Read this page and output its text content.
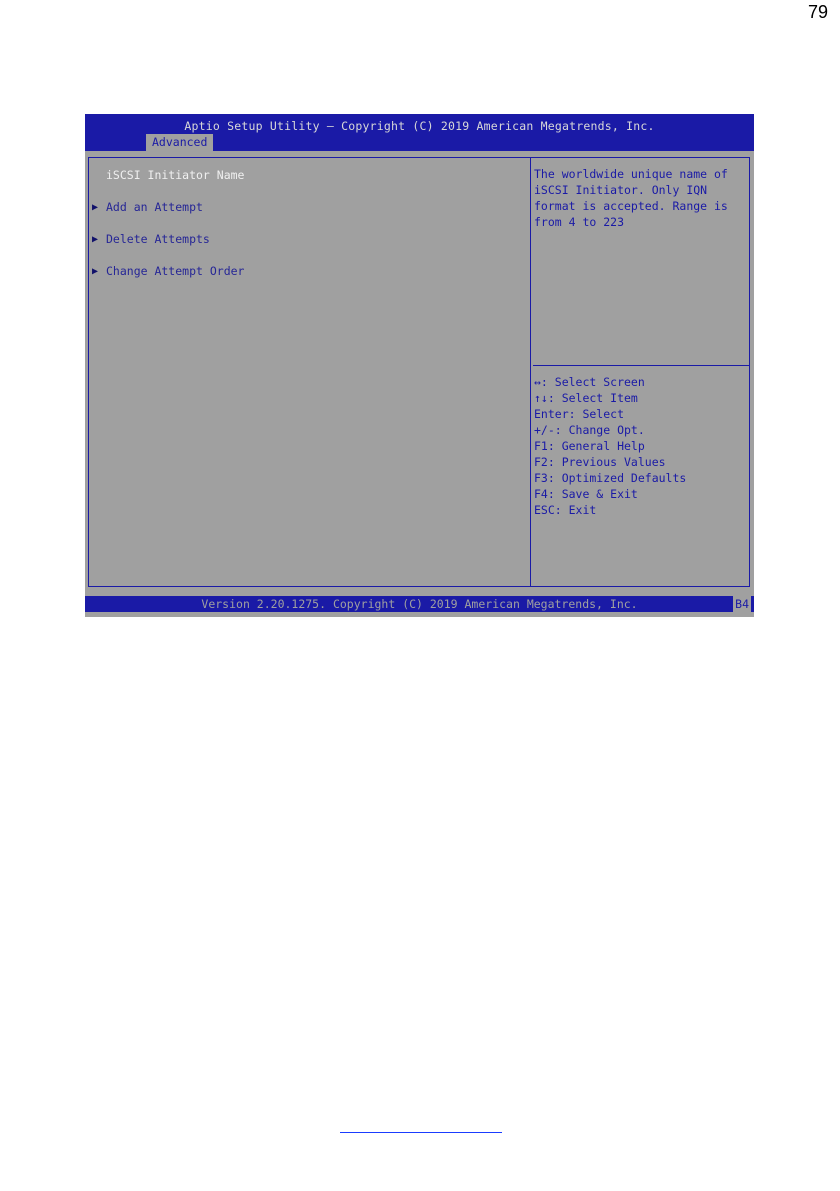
79
Aptio Setup Utility – Copyright (C) 2019 American Megatrends, Inc.
Advanced
iSCSI Initiator Name
▶ Add an Attempt
▶ Delete Attempts
▶ Change Attempt Order
The worldwide unique name of iSCSI Initiator. Only IQN format is accepted. Range is from 4 to 223
↔: Select Screen
↑↓: Select Item
Enter: Select
+/-: Change Opt.
F1: General Help
F2: Previous Values
F3: Optimized Defaults
F4: Save & Exit
ESC: Exit
Version 2.20.1275. Copyright (C) 2019 American Megatrends, Inc.	B4
